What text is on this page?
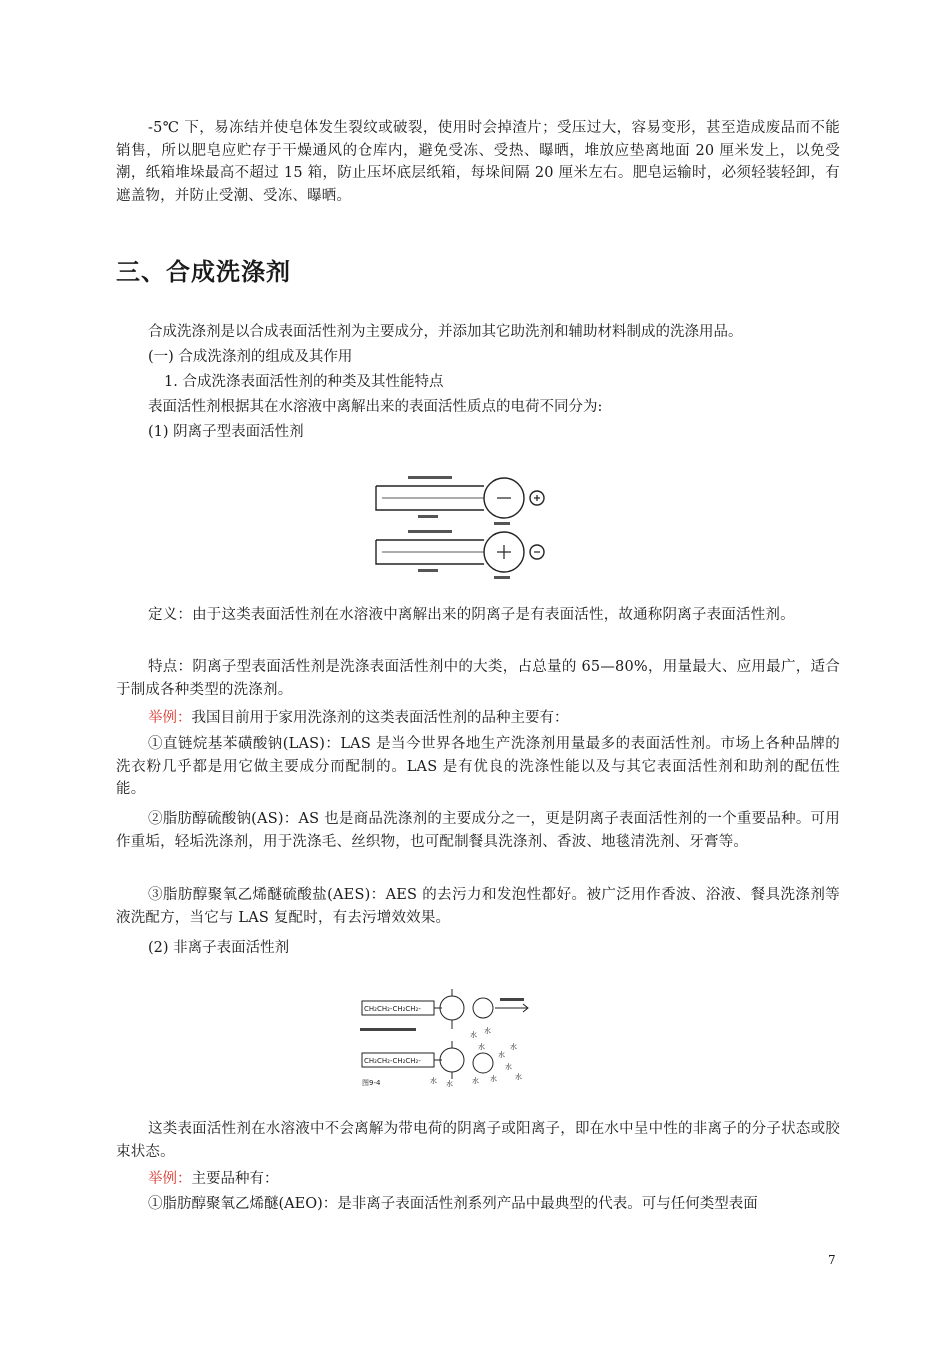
-5℃ 下，易冻结并使皂体发生裂纹或破裂，使用时会掉渣片；受压过大，容易变形，甚至造成废品而不能销售，所以肥皂应贮存于干燥通风的仓库内，避免受冻、受热、曝晒，堆放应垫离地面 20 厘米发上，以免受潮，纸箱堆垛最高不超过 15 箱，防止压坏底层纸箱，每垛间隔 20 厘米左右。肥皂运输时，必须轻装轻卸，有遮盖物，并防止受潮、受冻、曝晒。

三、合成洗涤剂

合成洗涤剂是以合成表面活性剂为主要成分，并添加其它助洗剂和辅助材料制成的洗涤用品。

(一) 合成洗涤剂的组成及其作用

1. 合成洗涤表面活性剂的种类及其性能特点

表面活性剂根据其在水溶液中离解出来的表面活性质点的电荷不同分为:

(1) 阴离子型表面活性剂

定义：由于这类表面活性剂在水溶液中离解出来的阴离子是有表面活性，故通称阴离子表面活性剂。

特点：阴离子型表面活性剂是洗涤表面活性剂中的大类，占总量的 65—80%，用量最大、应用最广，适合于制成各种类型的洗涤剂。

举例：我国目前用于家用洗涤剂的这类表面活性剂的品种主要有：

①直链烷基苯磺酸钠(LAS)：LAS 是当今世界各地生产洗涤剂用量最多的表面活性剂。市场上各种品牌的洗衣粉几乎都是用它做主要成分而配制的。LAS 是有优良的洗涤性能以及与其它表面活性剂和助剂的配伍性能。

②脂肪醇硫酸钠(AS)：AS 也是商品洗涤剂的主要成分之一，更是阴离子表面活性剂的一个重要品种。可用作重垢，轻垢洗涤剂，用于洗涤毛、丝织物，也可配制餐具洗涤剂、香波、地毯清洗剂、牙膏等。

③脂肪醇聚氧乙烯醚硫酸盐(AES)：AES 的去污力和发泡性都好。被广泛用作香波、浴液、餐具洗涤剂等液洗配方，当它与 LAS 复配时，有去污增效效果。

(2) 非离子表面活性剂

CH₂CH₂-CH₂CH₂-
CH₂CH₂-CH₂CH₂-
图9-4
水 水
水
水
水
水
水
水 水	水 水

这类表面活性剂在水溶液中不会离解为带电荷的阴离子或阳离子，即在水中呈中性的非离子的分子状态或胶束状态。

举例：主要品种有：

①脂肪醇聚氧乙烯醚(AEO)：是非离子表面活性剂系列产品中最典型的代表。可与任何类型表面

7
